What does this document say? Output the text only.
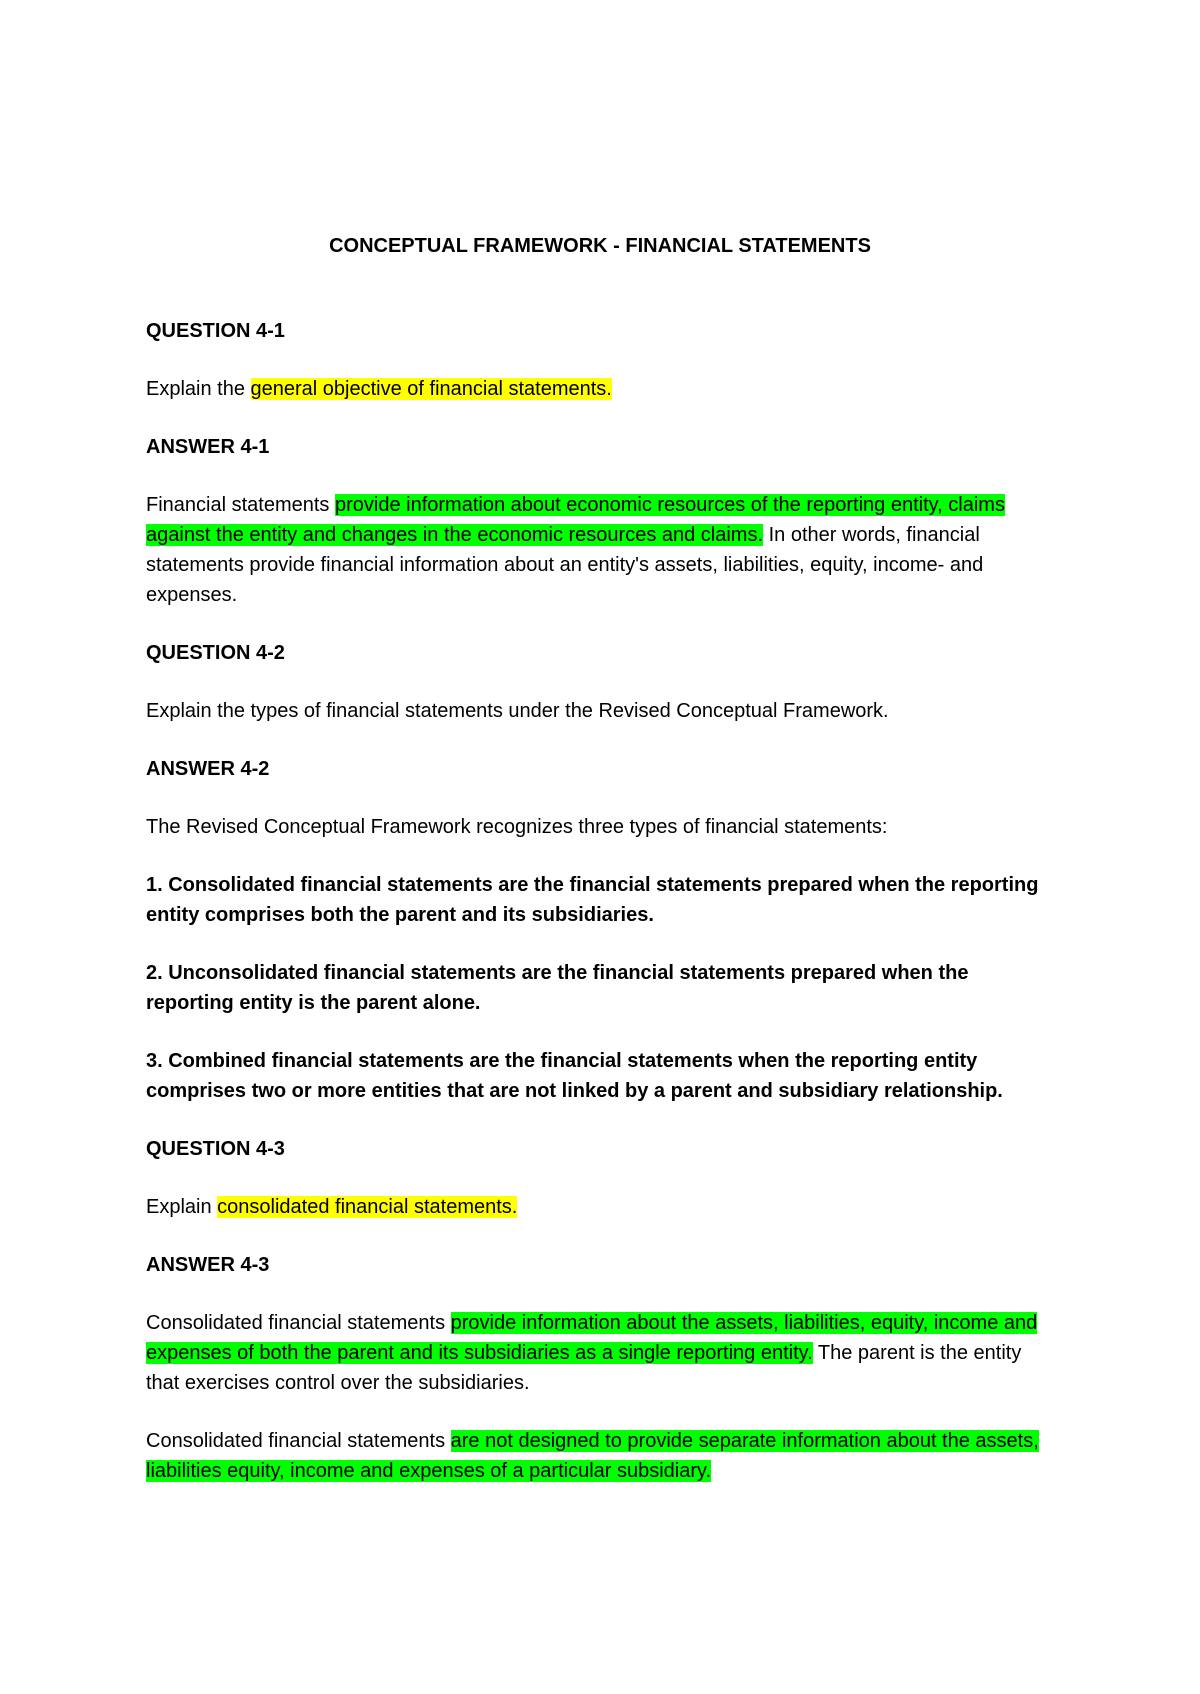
CONCEPTUAL FRAMEWORK - FINANCIAL STATEMENTS
QUESTION 4-1
Explain the general objective of financial statements.
ANSWER 4-1
Financial statements provide information about economic resources of the reporting entity, claims against the entity and changes in the economic resources and claims. In other words, financial statements provide financial information about an entity's assets, liabilities, equity, income- and expenses.
QUESTION 4-2
Explain the types of financial statements under the Revised Conceptual Framework.
ANSWER 4-2
The Revised Conceptual Framework recognizes three types of financial statements:
1. Consolidated financial statements are the financial statements prepared when the reporting entity comprises both the parent and its subsidiaries.
2. Unconsolidated financial statements are the financial statements prepared when the reporting entity is the parent alone.
3. Combined financial statements are the financial statements when the reporting entity comprises two or more entities that are not linked by a parent and subsidiary relationship.
QUESTION 4-3
Explain consolidated financial statements.
ANSWER 4-3
Consolidated financial statements provide information about the assets, liabilities, equity, income and expenses of both the parent and its subsidiaries as a single reporting entity. The parent is the entity that exercises control over the subsidiaries.
Consolidated financial statements are not designed to provide separate information about the assets, liabilities equity, income and expenses of a particular subsidiary.
